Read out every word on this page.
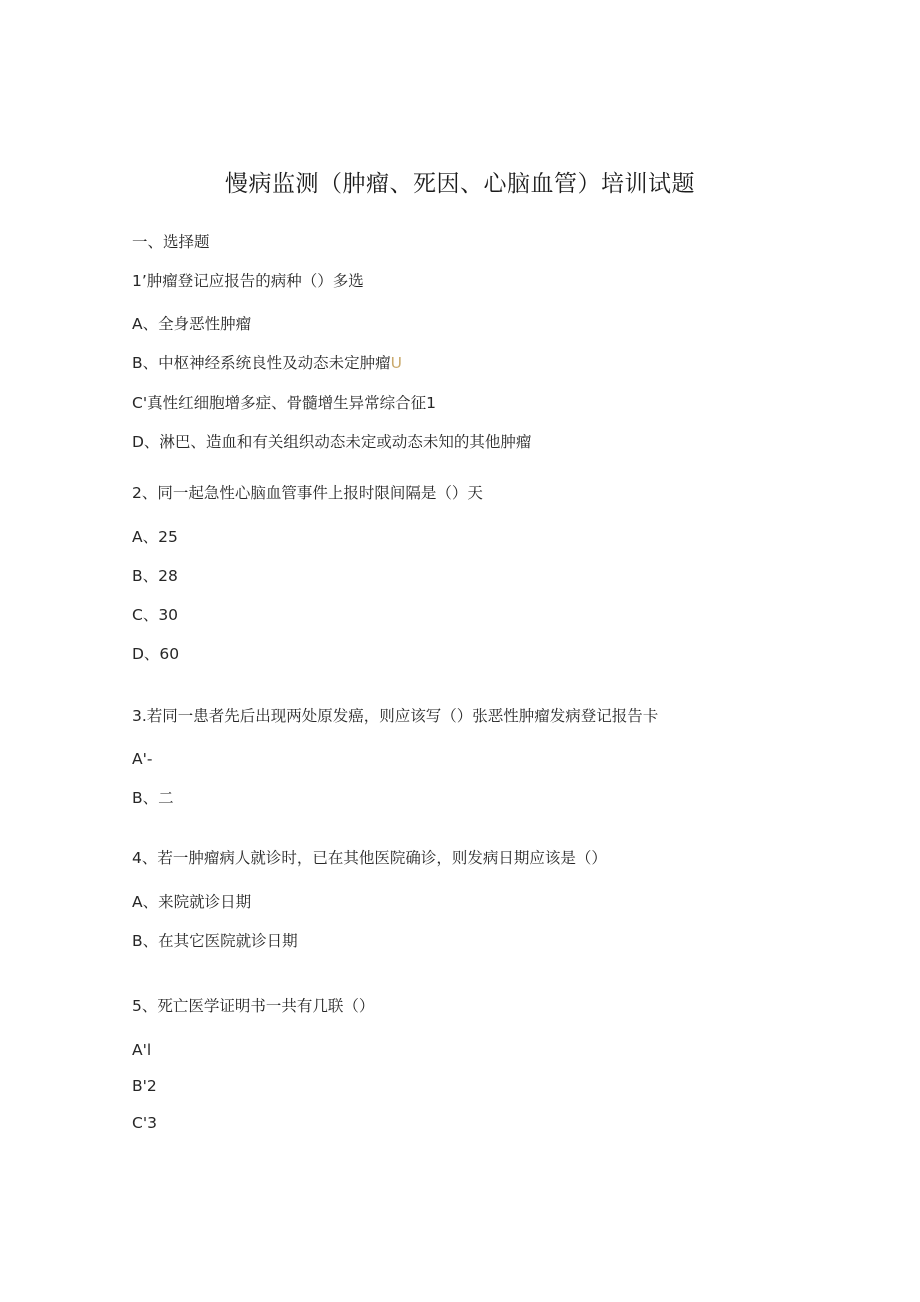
慢病监测（肿瘤、死因、心脑血管）培训试题
一、选择题
1’肿瘤登记应报告的病种（）多选
A、全身恶性肿瘤
B、中枢神经系统良性及动态未定肿瘤U
C'真性红细胞增多症、骨髓增生异常综合征1
D、淋巴、造血和有关组织动态未定或动态未知的其他肿瘤
2、同一起急性心脑血管事件上报时限间隔是（）天
A、25
B、28
C、30
D、60
3.若同一患者先后出现两处原发癌，则应该写（）张恶性肿瘤发病登记报告卡
A'-
B、二
4、若一肿瘤病人就诊时，已在其他医院确诊，则发病日期应该是（）
A、来院就诊日期
B、在其它医院就诊日期
5、死亡医学证明书一共有几联（）
A'l
B'2
C'3
